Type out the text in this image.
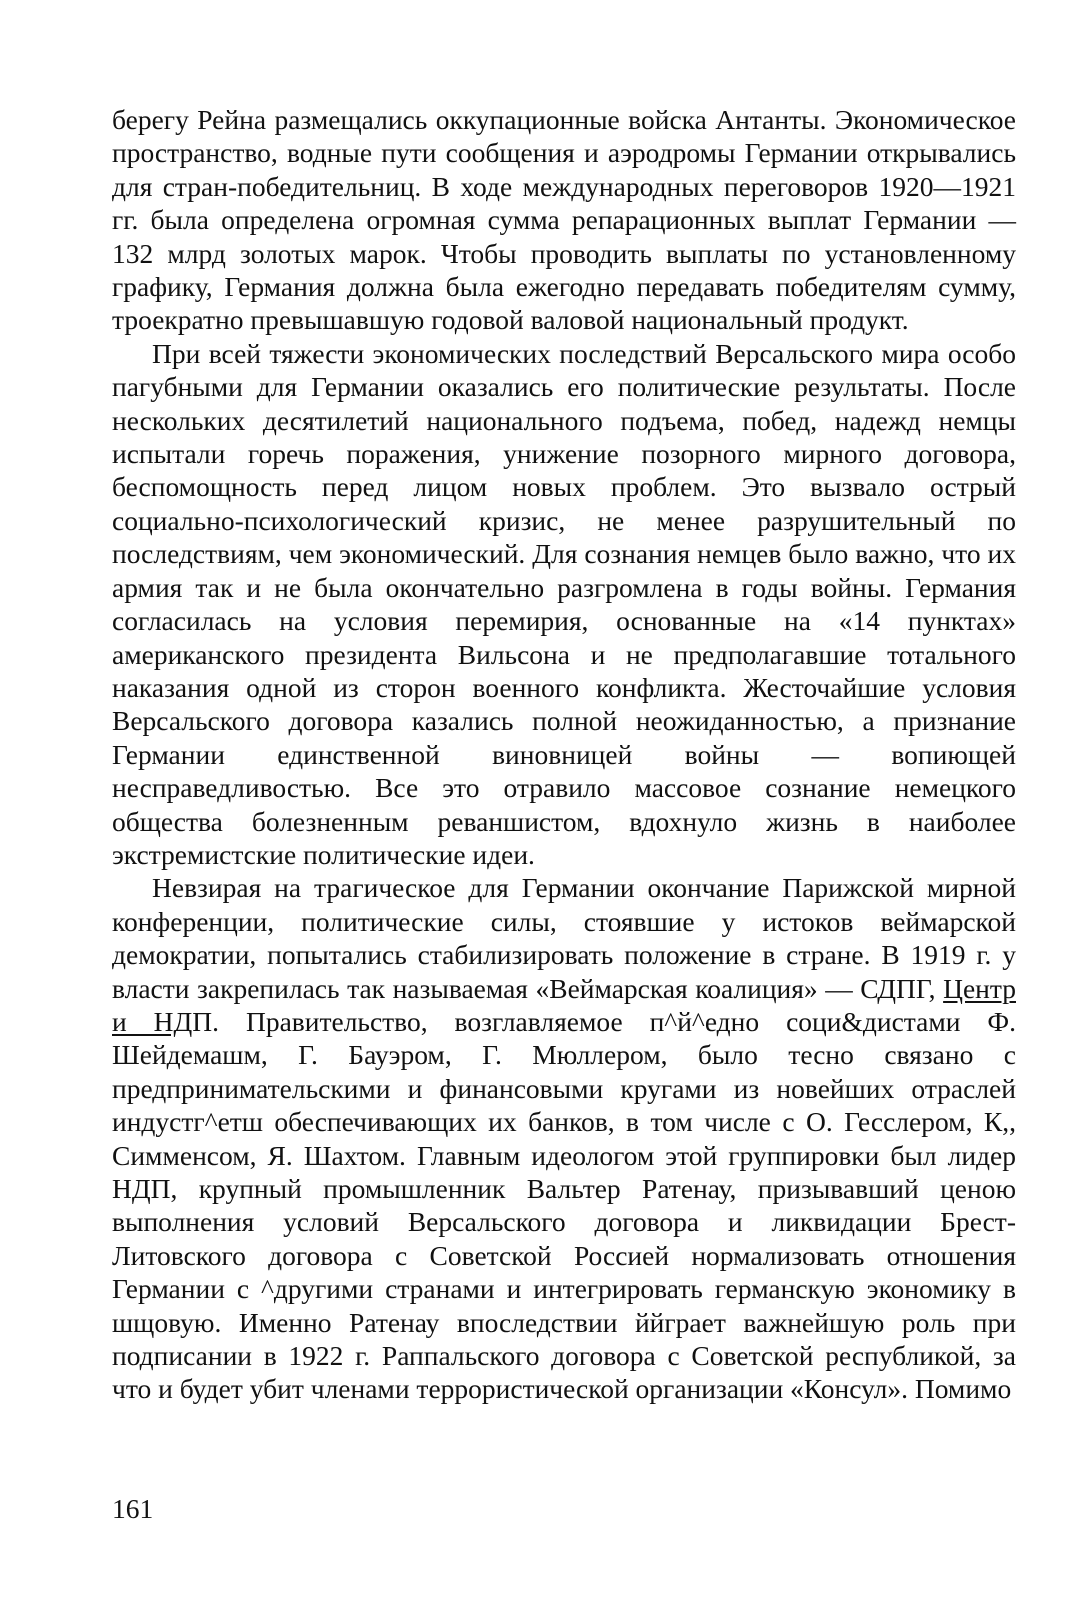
берегу Рейна размещались оккупационные войска Антанты. Экономическое пространство, водные пути сообщения и аэродромы Германии открывались для стран-победительниц. В ходе международных переговоров 1920—1921 гг. была определена огромная сумма репарационных выплат Германии — 132 млрд золотых марок. Чтобы проводить выплаты по установленному графику, Германия должна была ежегодно передавать победителям сумму, троекратно превышавшую годовой валовой национальный продукт.

При всей тяжести экономических последствий Версальского мира особо пагубными для Германии оказались его политические результаты. После нескольких десятилетий национального подъема, побед, надежд немцы испытали горечь поражения, унижение позорного мирного договора, беспомощность перед лицом новых проблем. Это вызвало острый социально-психологический кризис, не менее разрушительный по последствиям, чем экономический. Для сознания немцев было важно, что их армия так и не была окончательно разгромлена в годы войны. Германия согласилась на условия перемирия, основанные на «14 пунктах» американского президента Вильсона и не предполагавшие тотального наказания одной из сторон военного конфликта. Жесточайшие условия Версальского договора казались полной неожиданностью, а признание Германии единственной виновницей войны — вопиющей несправедливостью. Все это отравило массовое сознание немецкого общества болезненным реваншистом, вдохнуло жизнь в наиболее экстремистские политические идеи.

Невзирая на трагическое для Германии окончание Парижской мирной конференции, политические силы, стоявшие у истоков веймарской демократии, попытались стабилизировать положение в стране. В 1919 г. у власти закрепилась так называемая «Веймарская коалиция» — СДПГ, Центр и НДП. Правительство, возглавляемое п^й^едно соци&дистами Ф. Шейдемашм, Г. Бауэром, Г. Мюллером, было тесно связано с предпринимательскими и финансовыми кругами из новейших отраслей индустг^етш обеспечивающих их банков, в том числе с О. Гесслером, К,, Симменсом, Я. Шахтом. Главным идеологом этой группировки был лидер НДП, крупный промышленник Вальтер Ратенау, призывавший ценою выполнения условий Версальского договора и ликвидации Брест-Литовского договора с Советской Россией нормализовать отношения Германии с ^другими странами и интегрировать германскую экономику в шщовую. Именно Ратенау впоследствии ййграет важнейшую роль при подписании в 1922 г. Раппальского договора с Советской республикой, за что и будет убит членами террористической организации «Консул». Помимо

161
